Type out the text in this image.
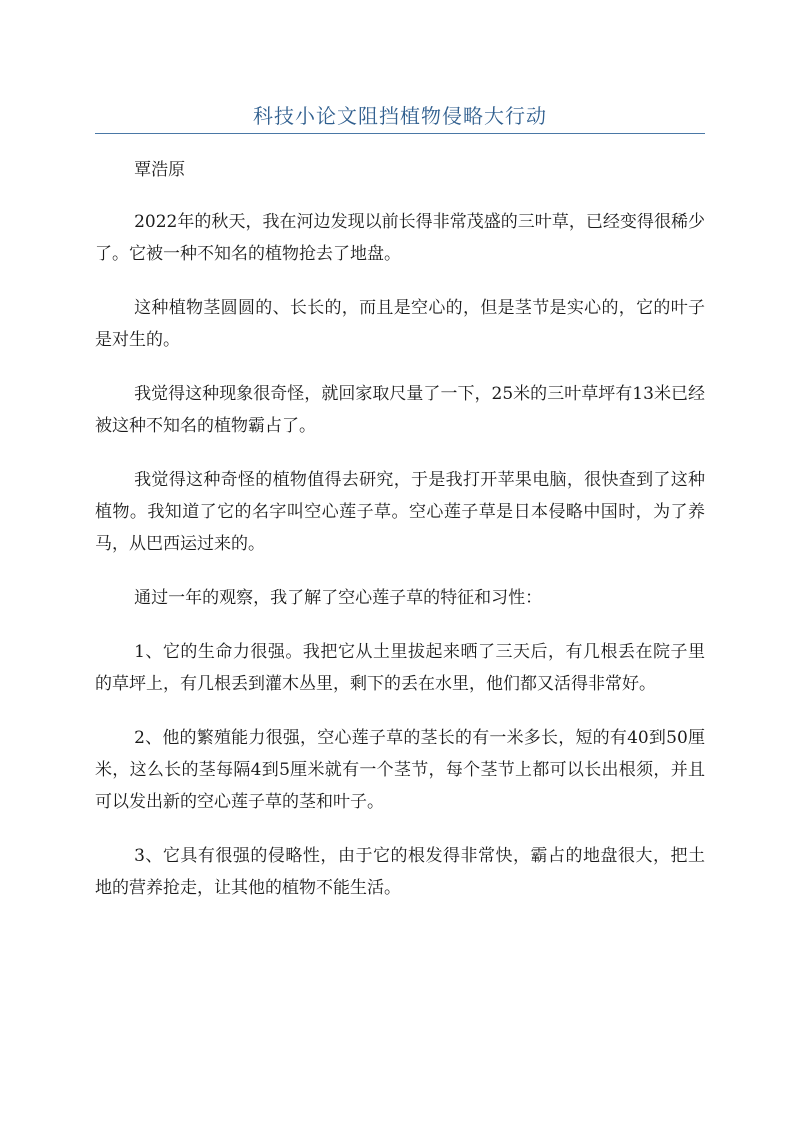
科技小论文阻挡植物侵略大行动

覃浩原

2022年的秋天，我在河边发现以前长得非常茂盛的三叶草，已经变得很稀少了。它被一种不知名的植物抢去了地盘。

这种植物茎圆圆的、长长的，而且是空心的，但是茎节是实心的，它的叶子是对生的。

我觉得这种现象很奇怪，就回家取尺量了一下，25米的三叶草坪有13米已经被这种不知名的植物霸占了。

我觉得这种奇怪的植物值得去研究，于是我打开苹果电脑，很快查到了这种植物。我知道了它的名字叫空心莲子草。空心莲子草是日本侵略中国时，为了养马，从巴西运过来的。

通过一年的观察，我了解了空心莲子草的特征和习性：

1、它的生命力很强。我把它从土里拔起来晒了三天后，有几根丢在院子里的草坪上，有几根丢到灌木丛里，剩下的丢在水里，他们都又活得非常好。

2、他的繁殖能力很强，空心莲子草的茎长的有一米多长，短的有40到50厘米，这么长的茎每隔4到5厘米就有一个茎节，每个茎节上都可以长出根须，并且可以发出新的空心莲子草的茎和叶子。

3、它具有很强的侵略性，由于它的根发得非常快，霸占的地盘很大，把土地的营养抢走，让其他的植物不能生活。
